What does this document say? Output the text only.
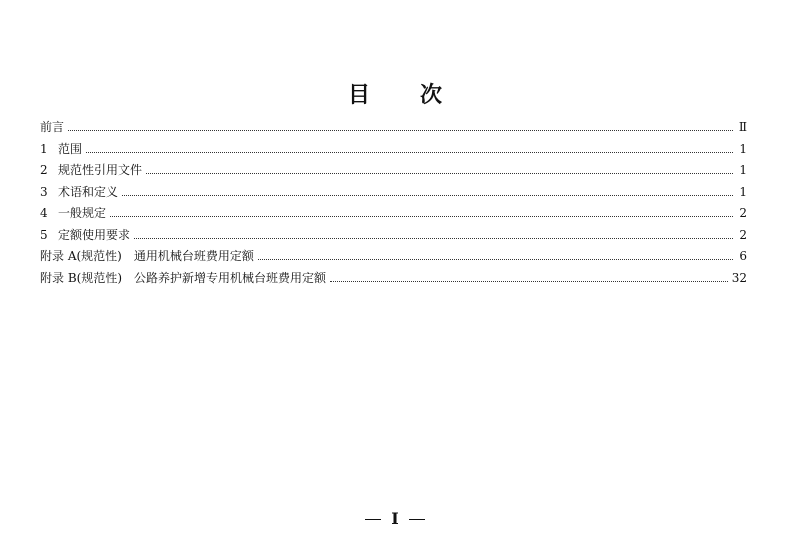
目 次
前言	Ⅱ
1 范围	1
2 规范性引用文件	1
3 术语和定义	1
4 一般规定	2
5 定额使用要求	2
附录 A(规范性)　通用机械台班费用定额	6
附录 B(规范性)　公路养护新增专用机械台班费用定额	32
I
